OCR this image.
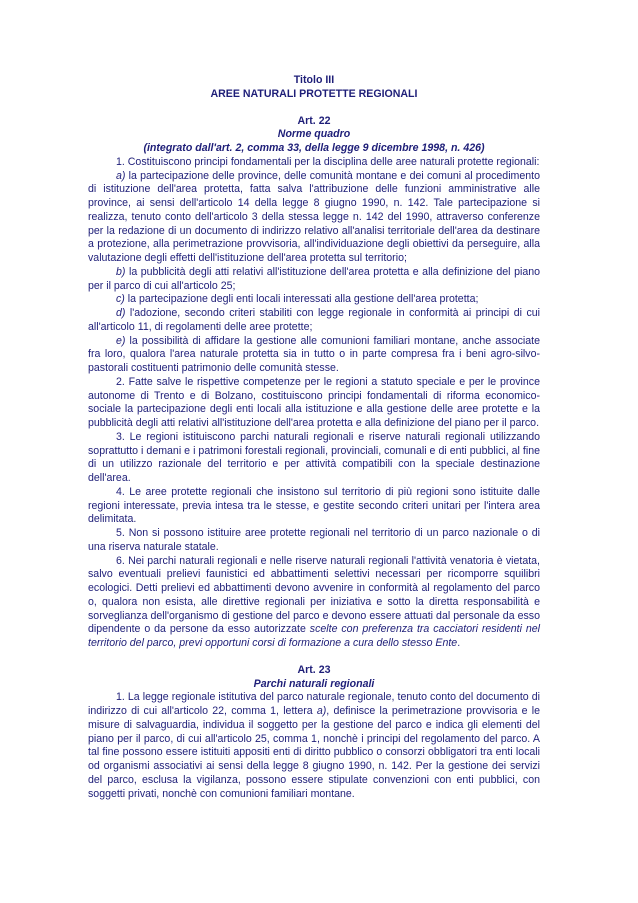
Titolo III
AREE NATURALI PROTETTE REGIONALI
Art. 22
Norme quadro
(integrato dall'art. 2, comma 33, della legge 9 dicembre 1998, n. 426)

1. Costituiscono principi fondamentali per la disciplina delle aree naturali protette regionali:

a) la partecipazione delle province, delle comunità montane e dei comuni al procedimento di istituzione dell'area protetta, fatta salva l'attribuzione delle funzioni amministrative alle province, ai sensi dell'articolo 14 della legge 8 giugno 1990, n. 142. Tale partecipazione si realizza, tenuto conto dell'articolo 3 della stessa legge n. 142 del 1990, attraverso conferenze per la redazione di un documento di indirizzo relativo all'analisi territoriale dell'area da destinare a protezione, alla perimetrazione provvisoria, all'individuazione degli obiettivi da perseguire, alla valutazione degli effetti dell'istituzione dell'area protetta sul territorio;

b) la pubblicità degli atti relativi all'istituzione dell'area protetta e alla definizione del piano per il parco di cui all'articolo 25;

c) la partecipazione degli enti locali interessati alla gestione dell'area protetta;

d) l'adozione, secondo criteri stabiliti con legge regionale in conformità ai principi di cui all'articolo 11, di regolamenti delle aree protette;

e) la possibilità di affidare la gestione alle comunioni familiari montane, anche associate fra loro, qualora l'area naturale protetta sia in tutto o in parte compresa fra i beni agro-silvo-pastorali costituenti patrimonio delle comunità stesse.

2. Fatte salve le rispettive competenze per le regioni a statuto speciale e per le province autonome di Trento e di Bolzano, costituiscono principi fondamentali di riforma economico-sociale la partecipazione degli enti locali alla istituzione e alla gestione delle aree protette e la pubblicità degli atti relativi all'istituzione dell'area protetta e alla definizione del piano per il parco.

3. Le regioni istituiscono parchi naturali regionali e riserve naturali regionali utilizzando soprattutto i demani e i patrimoni forestali regionali, provinciali, comunali e di enti pubblici, al fine di un utilizzo razionale del territorio e per attività compatibili con la speciale destinazione dell'area.

4. Le aree protette regionali che insistono sul territorio di più regioni sono istituite dalle regioni interessate, previa intesa tra le stesse, e gestite secondo criteri unitari per l'intera area delimitata.

5. Non si possono istituire aree protette regionali nel territorio di un parco nazionale o di una riserva naturale statale.

6. Nei parchi naturali regionali e nelle riserve naturali regionali l'attività venatoria è vietata, salvo eventuali prelievi faunistici ed abbattimenti selettivi necessari per ricomporre squilibri ecologici. Detti prelievi ed abbattimenti devono avvenire in conformità al regolamento del parco o, qualora non esista, alle direttive regionali per iniziativa e sotto la diretta responsabilità e sorveglianza dell'organismo di gestione del parco e devono essere attuati dal personale da esso dipendente o da persone da esso autorizzate scelte con preferenza tra cacciatori residenti nel territorio del parco, previ opportuni corsi di formazione a cura dello stesso Ente.

Art. 23
Parchi naturali regionali

1. La legge regionale istitutiva del parco naturale regionale, tenuto conto del documento di indirizzo di cui all'articolo 22, comma 1, lettera a), definisce la perimetrazione provvisoria e le misure di salvaguardia, individua il soggetto per la gestione del parco e indica gli elementi del piano per il parco, di cui all'articolo 25, comma 1, nonchè i principi del regolamento del parco. A tal fine possono essere istituiti appositi enti di diritto pubblico o consorzi obbligatori tra enti locali od organismi associativi ai sensi della legge 8 giugno 1990, n. 142. Per la gestione dei servizi del parco, esclusa la vigilanza, possono essere stipulate convenzioni con enti pubblici, con soggetti privati, nonchè con comunioni familiari montane.
